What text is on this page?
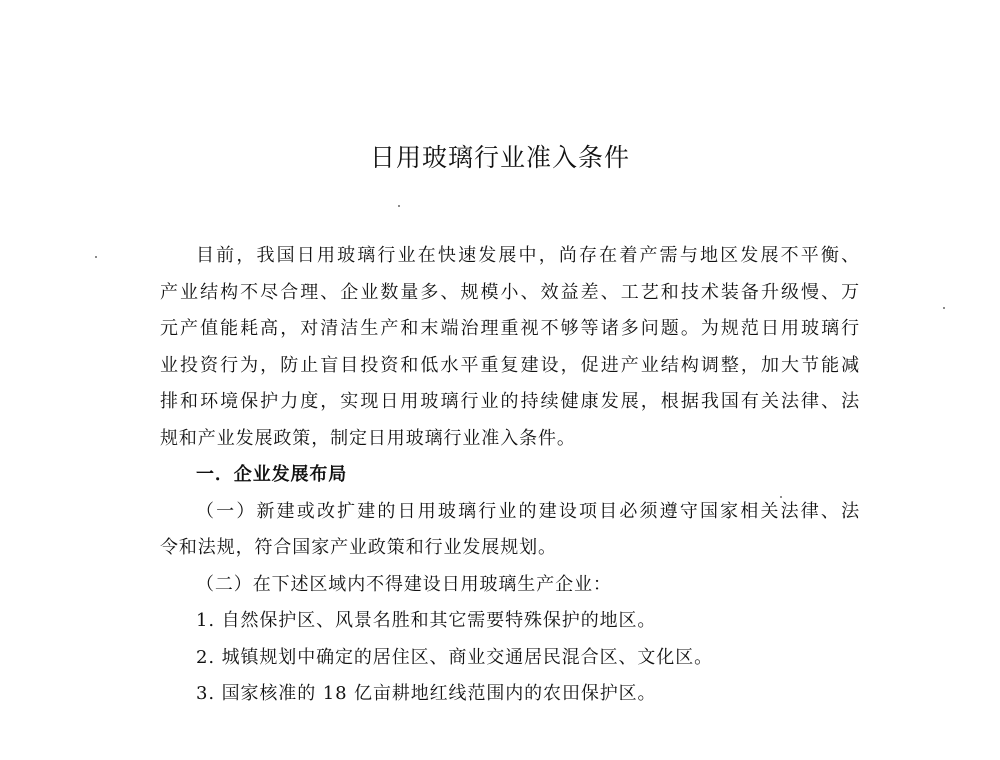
日用玻璃行业准入条件
目前，我国日用玻璃行业在快速发展中，尚存在着产需与地区发展不平衡、
产业结构不尽合理、企业数量多、规模小、效益差、工艺和技术装备升级慢、万
元产值能耗高，对清洁生产和末端治理重视不够等诸多问题。为规范日用玻璃行
业投资行为，防止盲目投资和低水平重复建设，促进产业结构调整，加大节能减
排和环境保护力度，实现日用玻璃行业的持续健康发展，根据我国有关法律、法
规和产业发展政策，制定日用玻璃行业准入条件。
一．企业发展布局
（一）新建或改扩建的日用玻璃行业的建设项目必须遵守国家相关法律、法
令和法规，符合国家产业政策和行业发展规划。
（二）在下述区域内不得建设日用玻璃生产企业：
1. 自然保护区、风景名胜和其它需要特殊保护的地区。
2. 城镇规划中确定的居住区、商业交通居民混合区、文化区。
3. 国家核准的 18 亿亩耕地红线范围内的农田保护区。
